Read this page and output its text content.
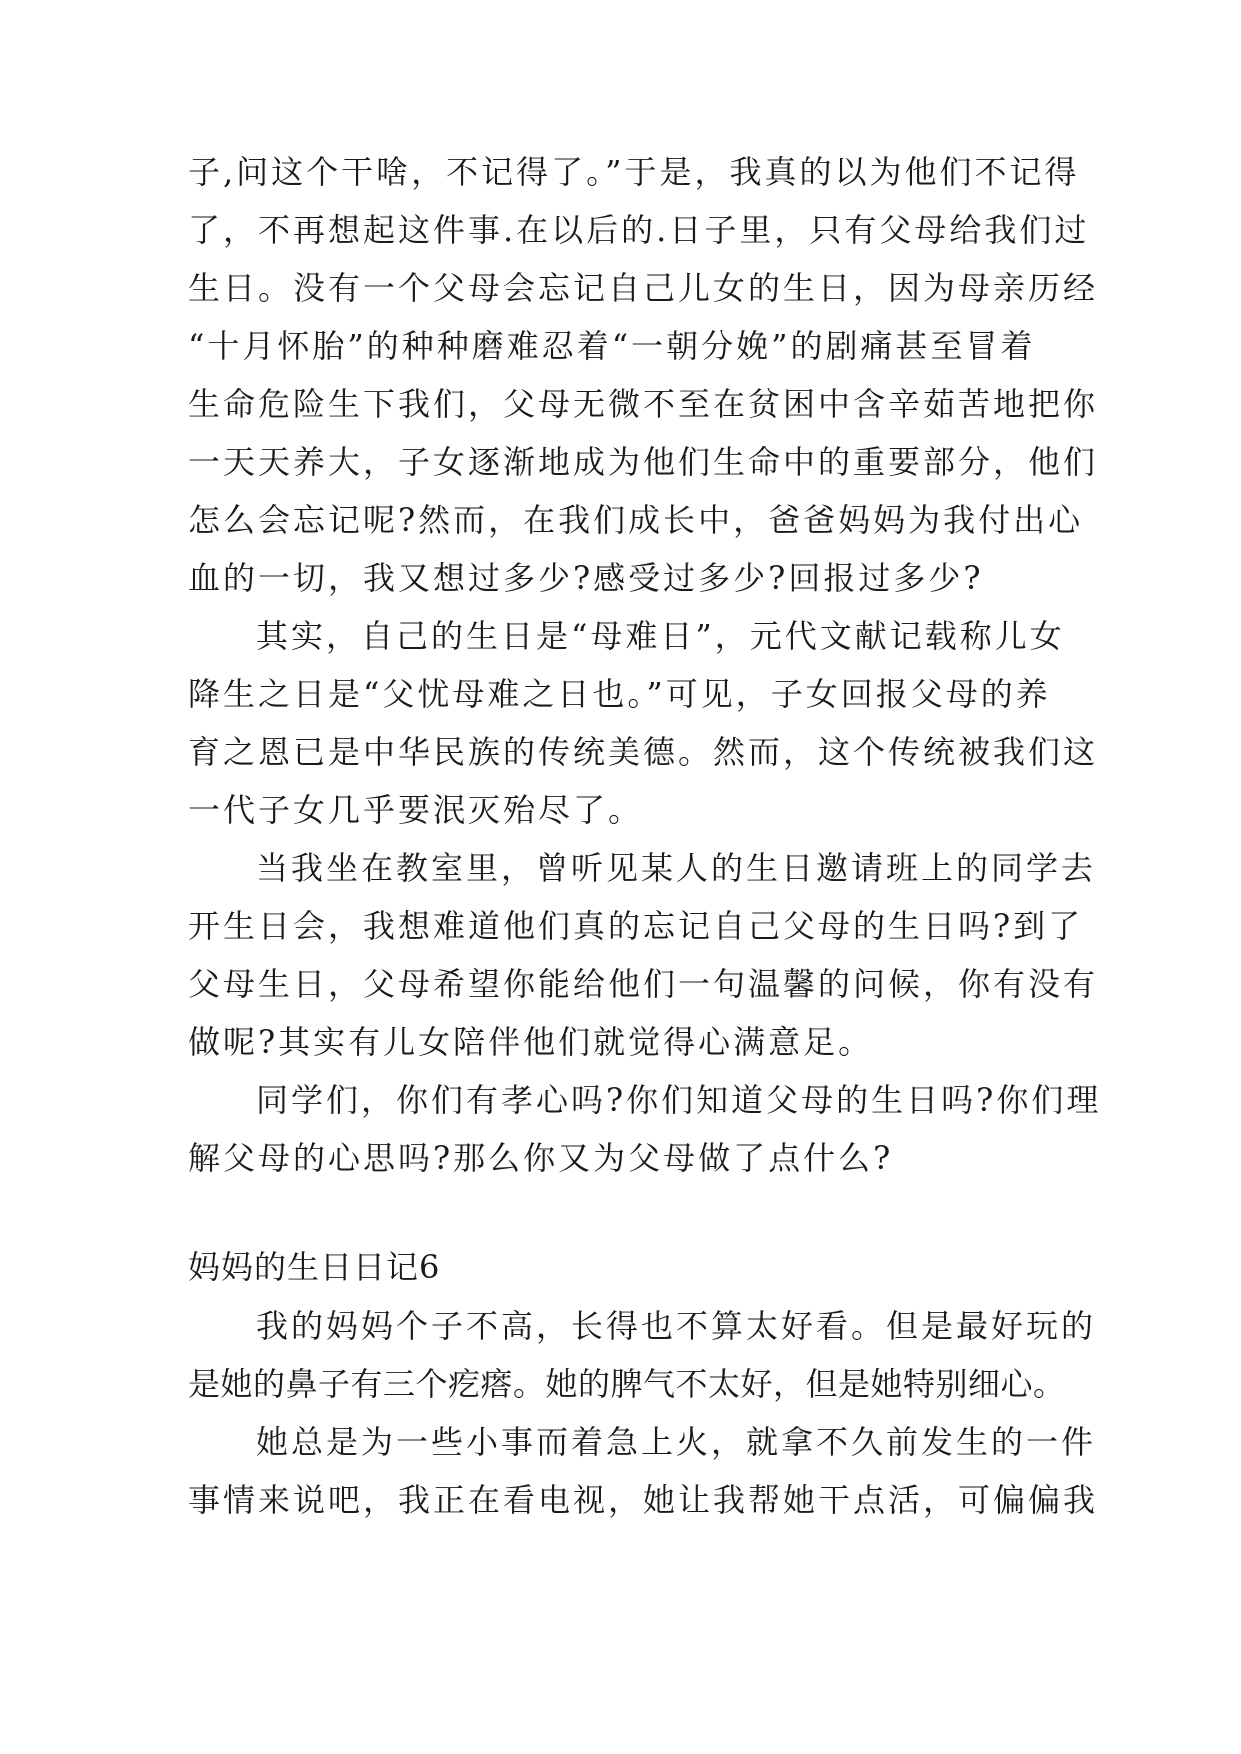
子,问这个干啥，不记得了。”于是，我真的以为他们不记得
了，不再想起这件事.在以后的.日子里，只有父母给我们过
生日。没有一个父母会忘记自己儿女的生日，因为母亲历经
“十月怀胎”的种种磨难忍着“一朝分娩”的剧痛甚至冒着
生命危险生下我们，父母无微不至在贫困中含辛茹苦地把你
一天天养大，子女逐渐地成为他们生命中的重要部分，他们
怎么会忘记呢?然而，在我们成长中，爸爸妈妈为我付出心
血的一切，我又想过多少?感受过多少?回报过多少?
其实，自己的生日是“母难日”，元代文献记载称儿女
降生之日是“父忧母难之日也。”可见，子女回报父母的养
育之恩已是中华民族的传统美德。然而，这个传统被我们这
一代子女几乎要泯灭殆尽了。
当我坐在教室里，曾听见某人的生日邀请班上的同学去
开生日会，我想难道他们真的忘记自己父母的生日吗?到了
父母生日，父母希望你能给他们一句温馨的问候，你有没有
做呢?其实有儿女陪伴他们就觉得心满意足。
同学们，你们有孝心吗?你们知道父母的生日吗?你们理
解父母的心思吗?那么你又为父母做了点什么?
妈妈的生日日记6
我的妈妈个子不高，长得也不算太好看。但是最好玩的
是她的鼻子有三个疙瘩。她的脾气不太好，但是她特别细心。
她总是为一些小事而着急上火，就拿不久前发生的一件
事情来说吧，我正在看电视，她让我帮她干点活，可偏偏我
